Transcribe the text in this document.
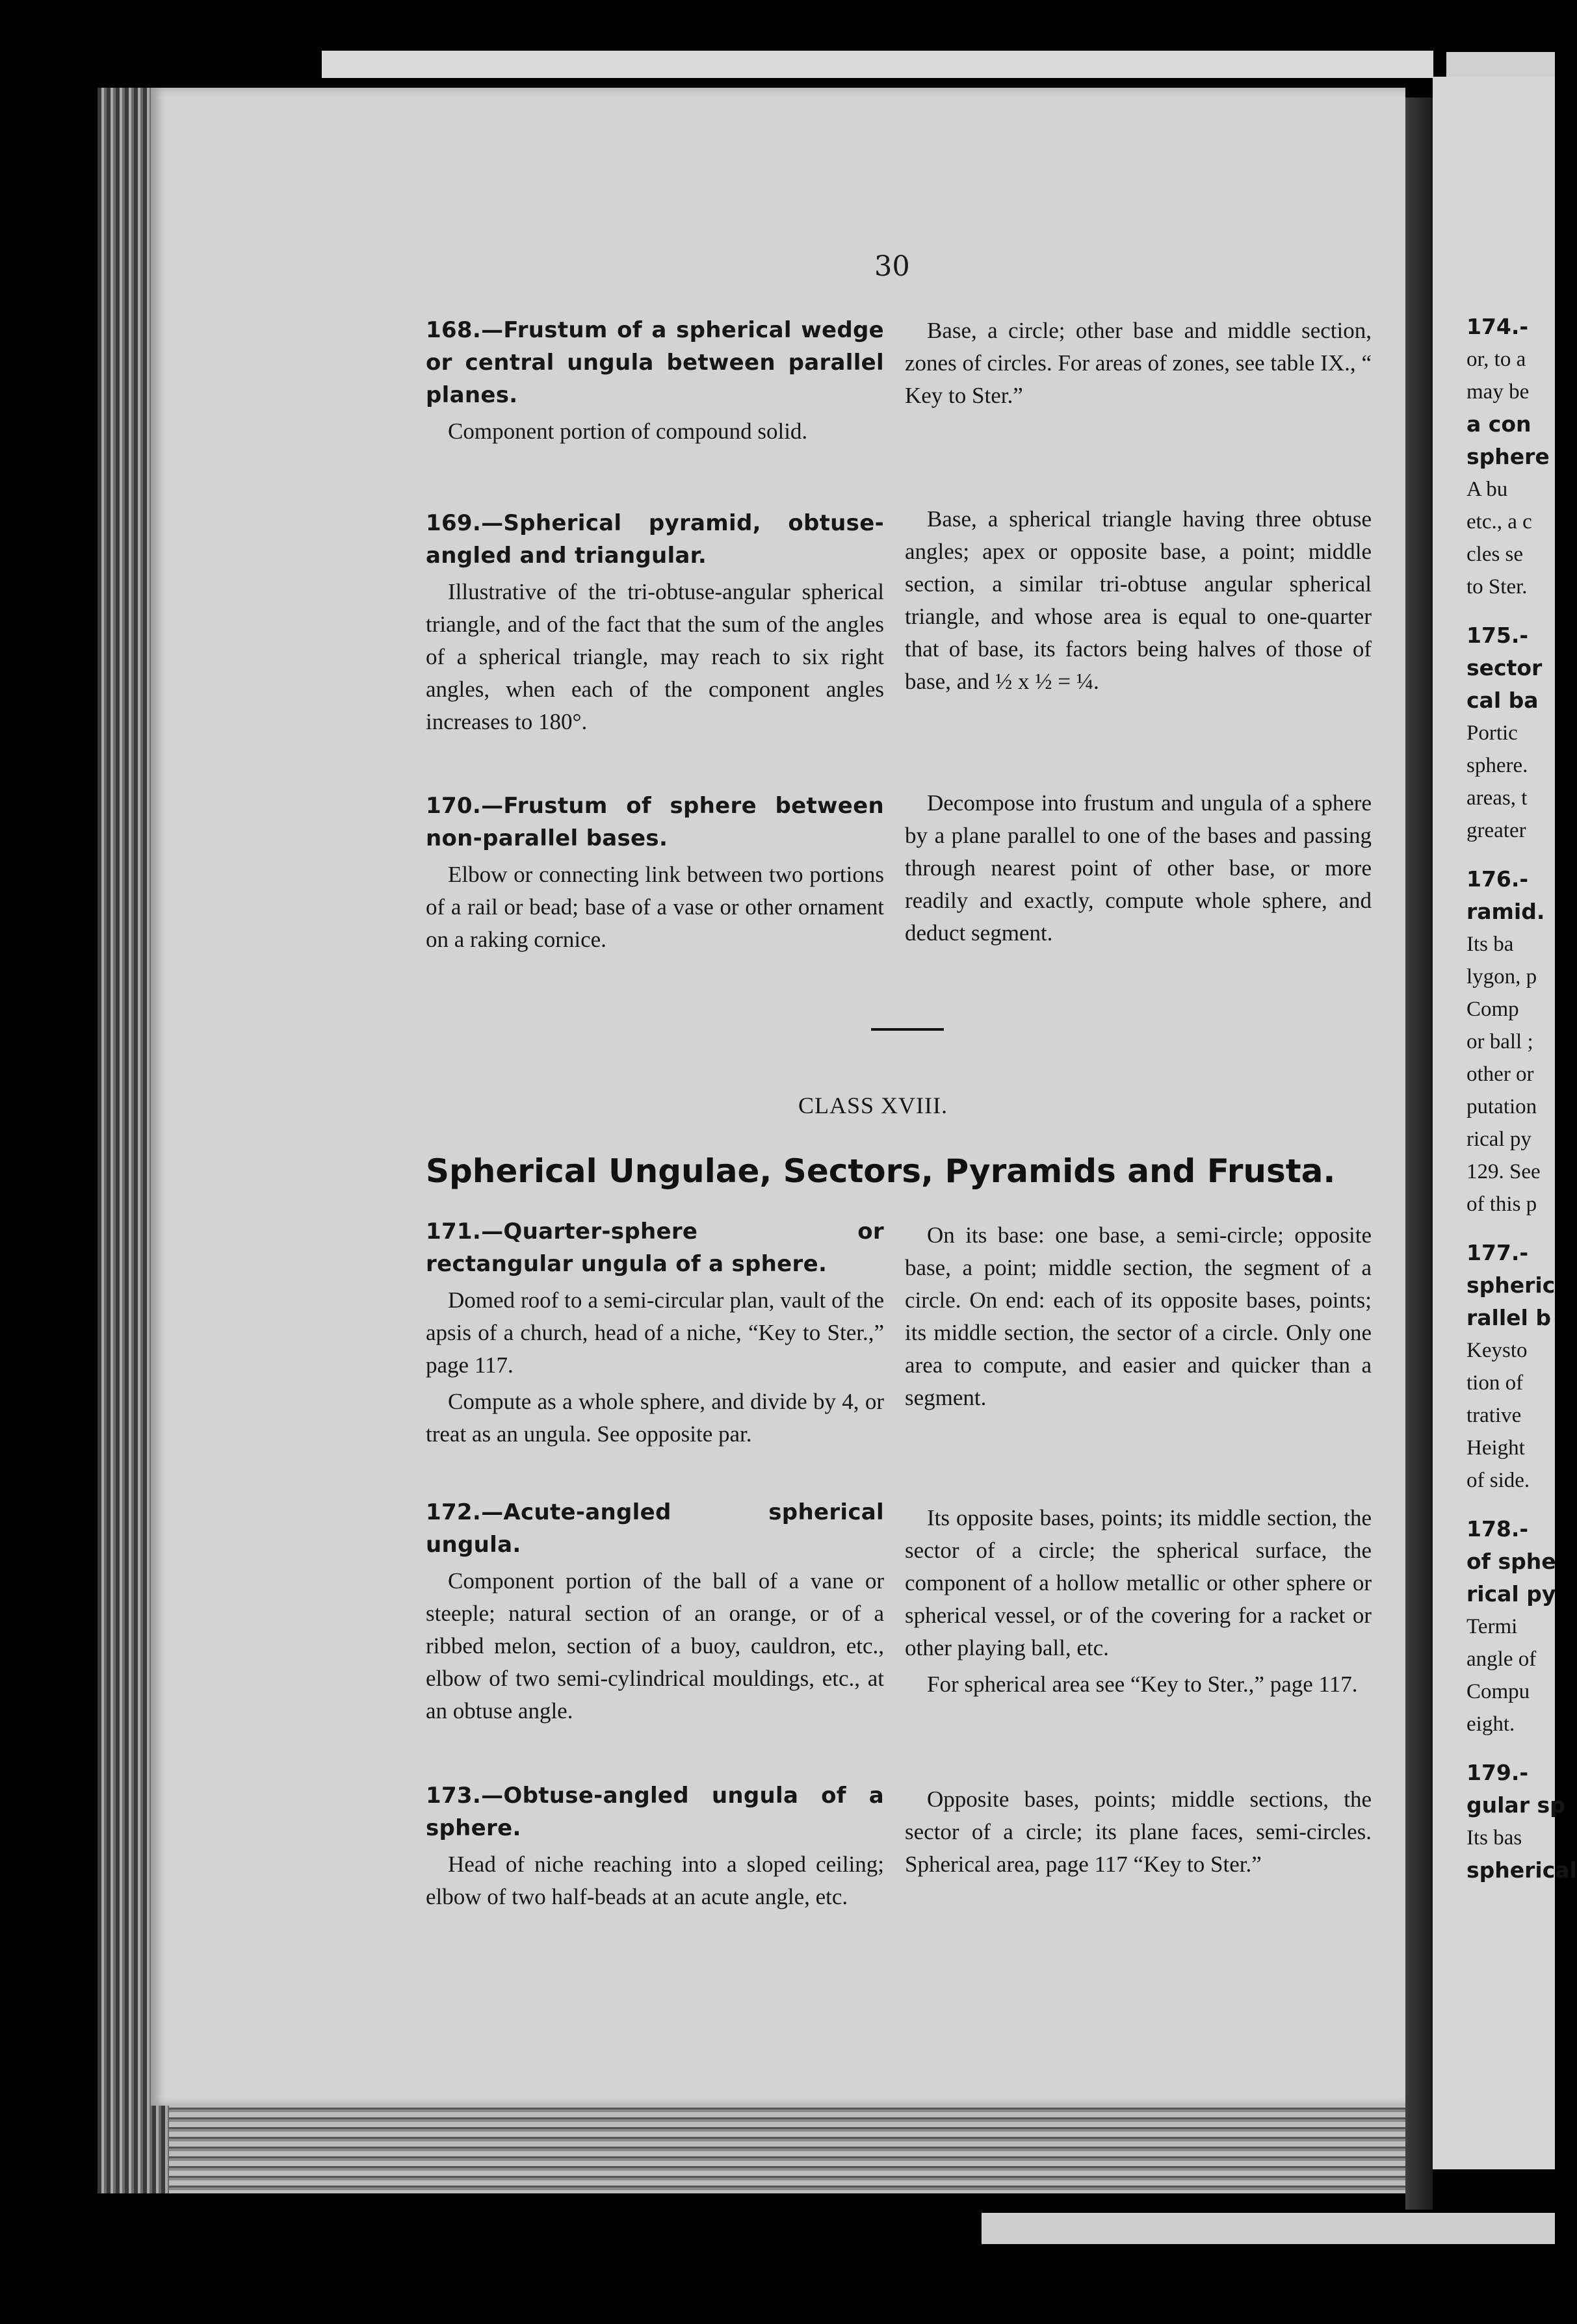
30
168.—Frustum of a spherical wedge or central ungula between parallel planes.

Component portion of compound solid.

169.—Spherical pyramid, obtuse-angled and triangular.

Illustrative of the tri-obtuse-angular spherical triangle, and of the fact that the sum of the angles of a spherical triangle, may reach to six right angles, when each of the component angles increases to 180°.

170.—Frustum of sphere between non-parallel bases.

Elbow or connecting link between two portions of a rail or bead; base of a vase or other ornament on a raking cornice.

Base, a circle; other base and middle section, zones of circles. For areas of zones, see table IX., “ Key to Ster.”

Base, a spherical triangle having three obtuse angles; apex or opposite base, a point; middle section, a similar tri-obtuse angular spherical triangle, and whose area is equal to one-quarter that of base, its factors being halves of those of base, and ½ x ½ = ¼.

Decompose into frustum and ungula of a sphere by a plane parallel to one of the bases and passing through nearest point of other base, or more readily and exactly, compute whole sphere, and deduct segment.

CLASS XVIII.
Spherical Ungulae, Sectors, Pyramids and Frusta.
171.—Quarter-sphere or rectangular ungula of a sphere.

Domed roof to a semi-circular plan, vault of the apsis of a church, head of a niche, “Key to Ster.,” page 117.

Compute as a whole sphere, and divide by 4, or treat as an ungula. See opposite par.

172.—Acute-angled spherical ungula.

Component portion of the ball of a vane or steeple; natural section of an orange, or of a ribbed melon, section of a buoy, cauldron, etc., elbow of two semi-cylindrical mouldings, etc., at an obtuse angle.

173.—Obtuse-angled ungula of a sphere.

Head of niche reaching into a sloped ceiling; elbow of two half-beads at an acute angle, etc.

On its base: one base, a semi-circle; opposite base, a point; middle section, the segment of a circle. On end: each of its opposite bases, points; its middle section, the sector of a circle. Only one area to compute, and easier and quicker than a segment.

Its opposite bases, points; its middle section, the sector of a circle; the spherical surface, the component of a hollow metallic or other sphere or spherical vessel, or of the covering for a racket or other playing ball, etc.

For spherical area see “Key to Ster.,” page 117.

Opposite bases, points; middle sections, the sector of a circle; its plane faces, semi-circles. Spherical area, page 117 “Key to Ster.”

174.-
or, to a
may be
a con
sphere
A bu
etc., a c
cles se
to Ster.
175.-
sector
cal ba
Portic
sphere.
areas, t
greater
176.-
ramid.
Its ba
lygon, p
Comp
or ball ;
other or
putation
rical py
129. See
of this p
177.-
spheric
rallel b
Keysto
tion of
trative
Height
of side.
178.-
of sphe
rical py
Termi
angle of
Compu
eight.
179.-
gular sp
Its bas
spherical
